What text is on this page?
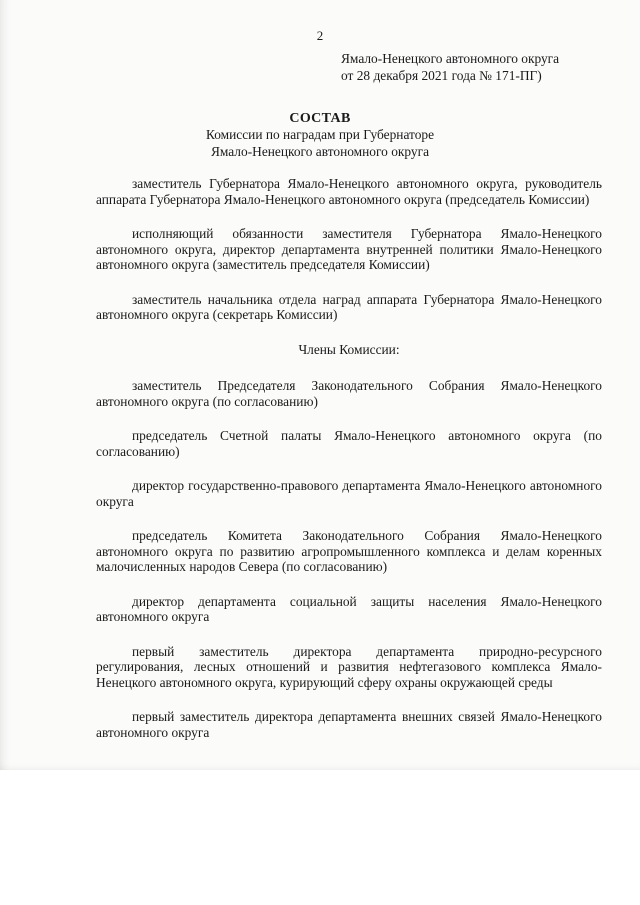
2
Ямало-Ненецкого автономного округа
от 28 декабря 2021 года № 171-ПГ)
СОСТАВ
Комиссии по наградам при Губернаторе
Ямало-Ненецкого автономного округа

заместитель Губернатора Ямало-Ненецкого автономного округа, руководитель аппарата Губернатора Ямало-Ненецкого автономного округа (председатель Комиссии)

исполняющий обязанности заместителя Губернатора Ямало-Ненецкого автономного округа, директор департамента внутренней политики Ямало-Ненецкого автономного округа (заместитель председателя Комиссии)

заместитель начальника отдела наград аппарата Губернатора Ямало-Ненецкого автономного округа (секретарь Комиссии)

Члены Комиссии:

заместитель Председателя Законодательного Собрания Ямало-Ненецкого автономного округа (по согласованию)

председатель Счетной палаты Ямало-Ненецкого автономного округа (по согласованию)

директор государственно-правового департамента Ямало-Ненецкого автономного округа

председатель Комитета Законодательного Собрания Ямало-Ненецкого автономного округа по развитию агропромышленного комплекса и делам коренных малочисленных народов Севера (по согласованию)

директор департамента социальной защиты населения Ямало-Ненецкого автономного округа

первый заместитель директора департамента природно-ресурсного регулирования, лесных отношений и развития нефтегазового комплекса Ямало-Ненецкого автономного округа, курирующий сферу охраны окружающей среды

первый заместитель директора департамента внешних связей Ямало-Ненецкого автономного округа
